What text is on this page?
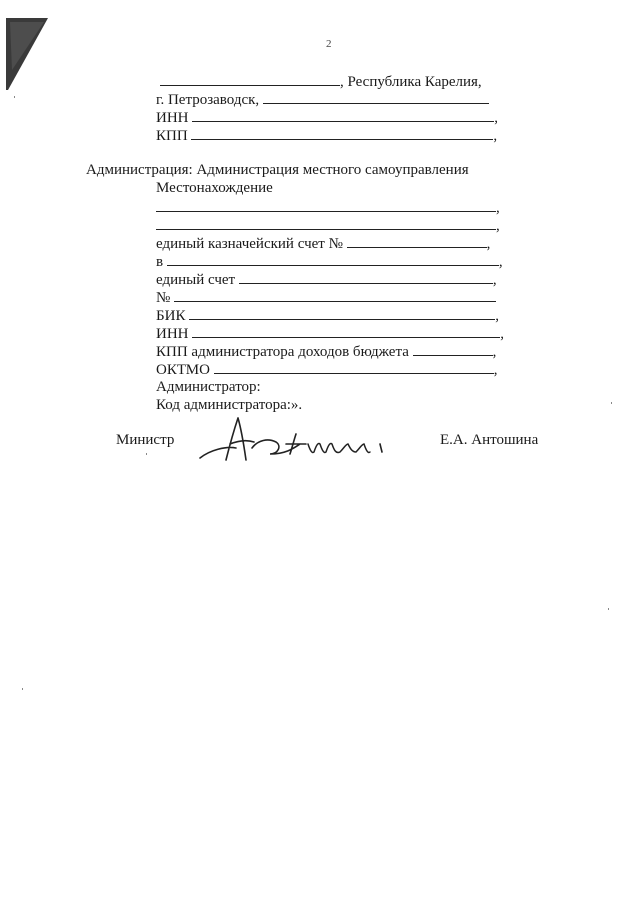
2
, Республика Карелия,
г. Петрозаводск,
ИНН	,
КПП	,
Администрация: Администрация местного самоуправления
Местонахождение
,
,
единый казначейский счет №	,
в	,
единый счет	,
№
БИК	,
ИНН	,
КПП администратора доходов бюджета	,
ОКТМО	,
Администратор:
Код администратора:».
Министр	Е.А. Антошина
